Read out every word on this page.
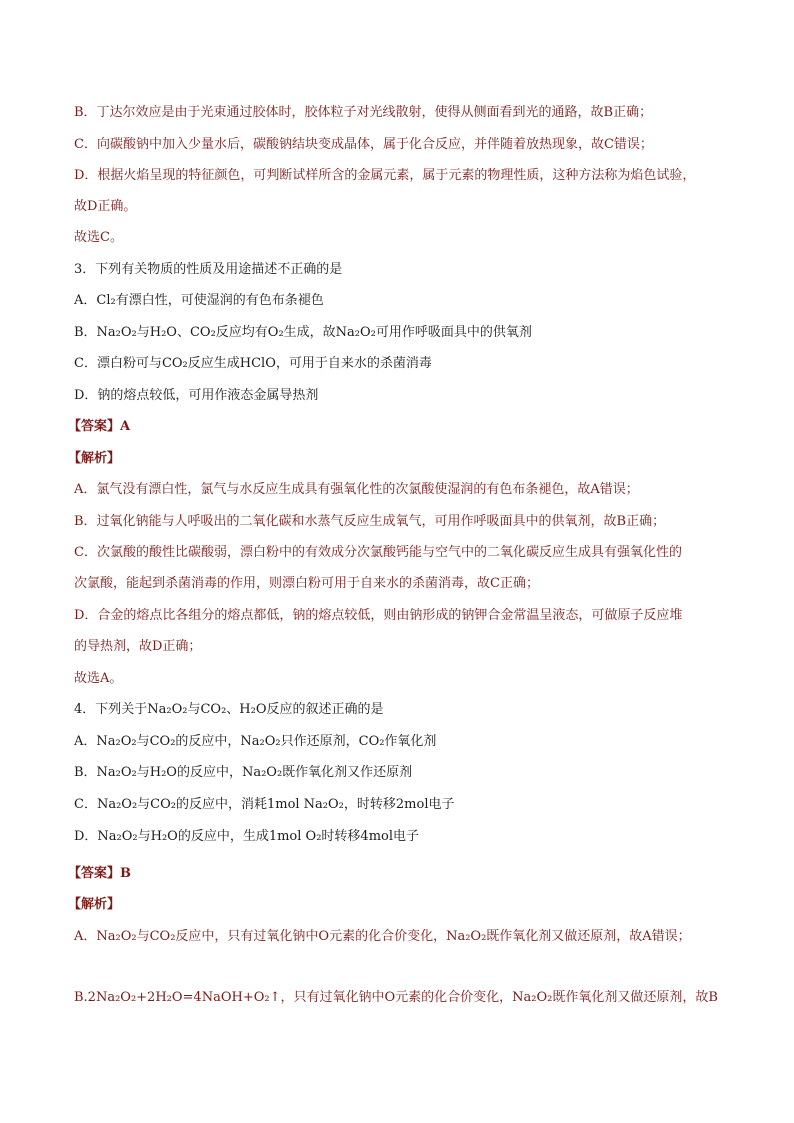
B．丁达尔效应是由于光束通过胶体时，胶体粒子对光线散射，使得从侧面看到光的通路，故B正确；
C．向碳酸钠中加入少量水后，碳酸钠结块变成晶体，属于化合反应，并伴随着放热现象，故C错误；
D．根据火焰呈现的特征颜色，可判断试样所含的金属元素，属于元素的物理性质，这种方法称为焰色试验，
故D正确。
故选C。
3．下列有关物质的性质及用途描述不正确的是
A．Cl₂有漂白性，可使湿润的有色布条褪色
B．Na₂O₂与H₂O、CO₂反应均有O₂生成，故Na₂O₂可用作呼吸面具中的供氧剂
C．漂白粉可与CO₂反应生成HClO，可用于自来水的杀菌消毒
D．钠的熔点较低，可用作液态金属导热剂
【答案】A
【解析】
A．氯气没有漂白性，氯气与水反应生成具有强氧化性的次氯酸使湿润的有色布条褪色，故A错误；
B．过氧化钠能与人呼吸出的二氧化碳和水蒸气反应生成氧气，可用作呼吸面具中的供氧剂，故B正确；
C．次氯酸的酸性比碳酸弱，漂白粉中的有效成分次氯酸钙能与空气中的二氧化碳反应生成具有强氧化性的
次氯酸，能起到杀菌消毒的作用，则漂白粉可用于自来水的杀菌消毒，故C正确；
D．合金的熔点比各组分的熔点都低，钠的熔点较低，则由钠形成的钠钾合金常温呈液态，可做原子反应堆
的导热剂，故D正确；
故选A。
4．下列关于Na₂O₂与CO₂、H₂O反应的叙述正确的是
A．Na₂O₂与CO₂的反应中，Na₂O₂只作还原剂，CO₂作氧化剂
B．Na₂O₂与H₂O的反应中，Na₂O₂既作氧化剂又作还原剂
C．Na₂O₂与CO₂的反应中，消耗1mol Na₂O₂，时转移2mol电子
D．Na₂O₂与H₂O的反应中，生成1mol O₂时转移4mol电子
【答案】B
【解析】
A．Na₂O₂与CO₂反应中，只有过氧化钠中O元素的化合价变化，Na₂O₂既作氧化剂又做还原剂，故A错误；
B.2Na₂O₂+2H₂O=4NaOH+O₂↑，只有过氧化钠中O元素的化合价变化，Na₂O₂既作氧化剂又做还原剂，故B
